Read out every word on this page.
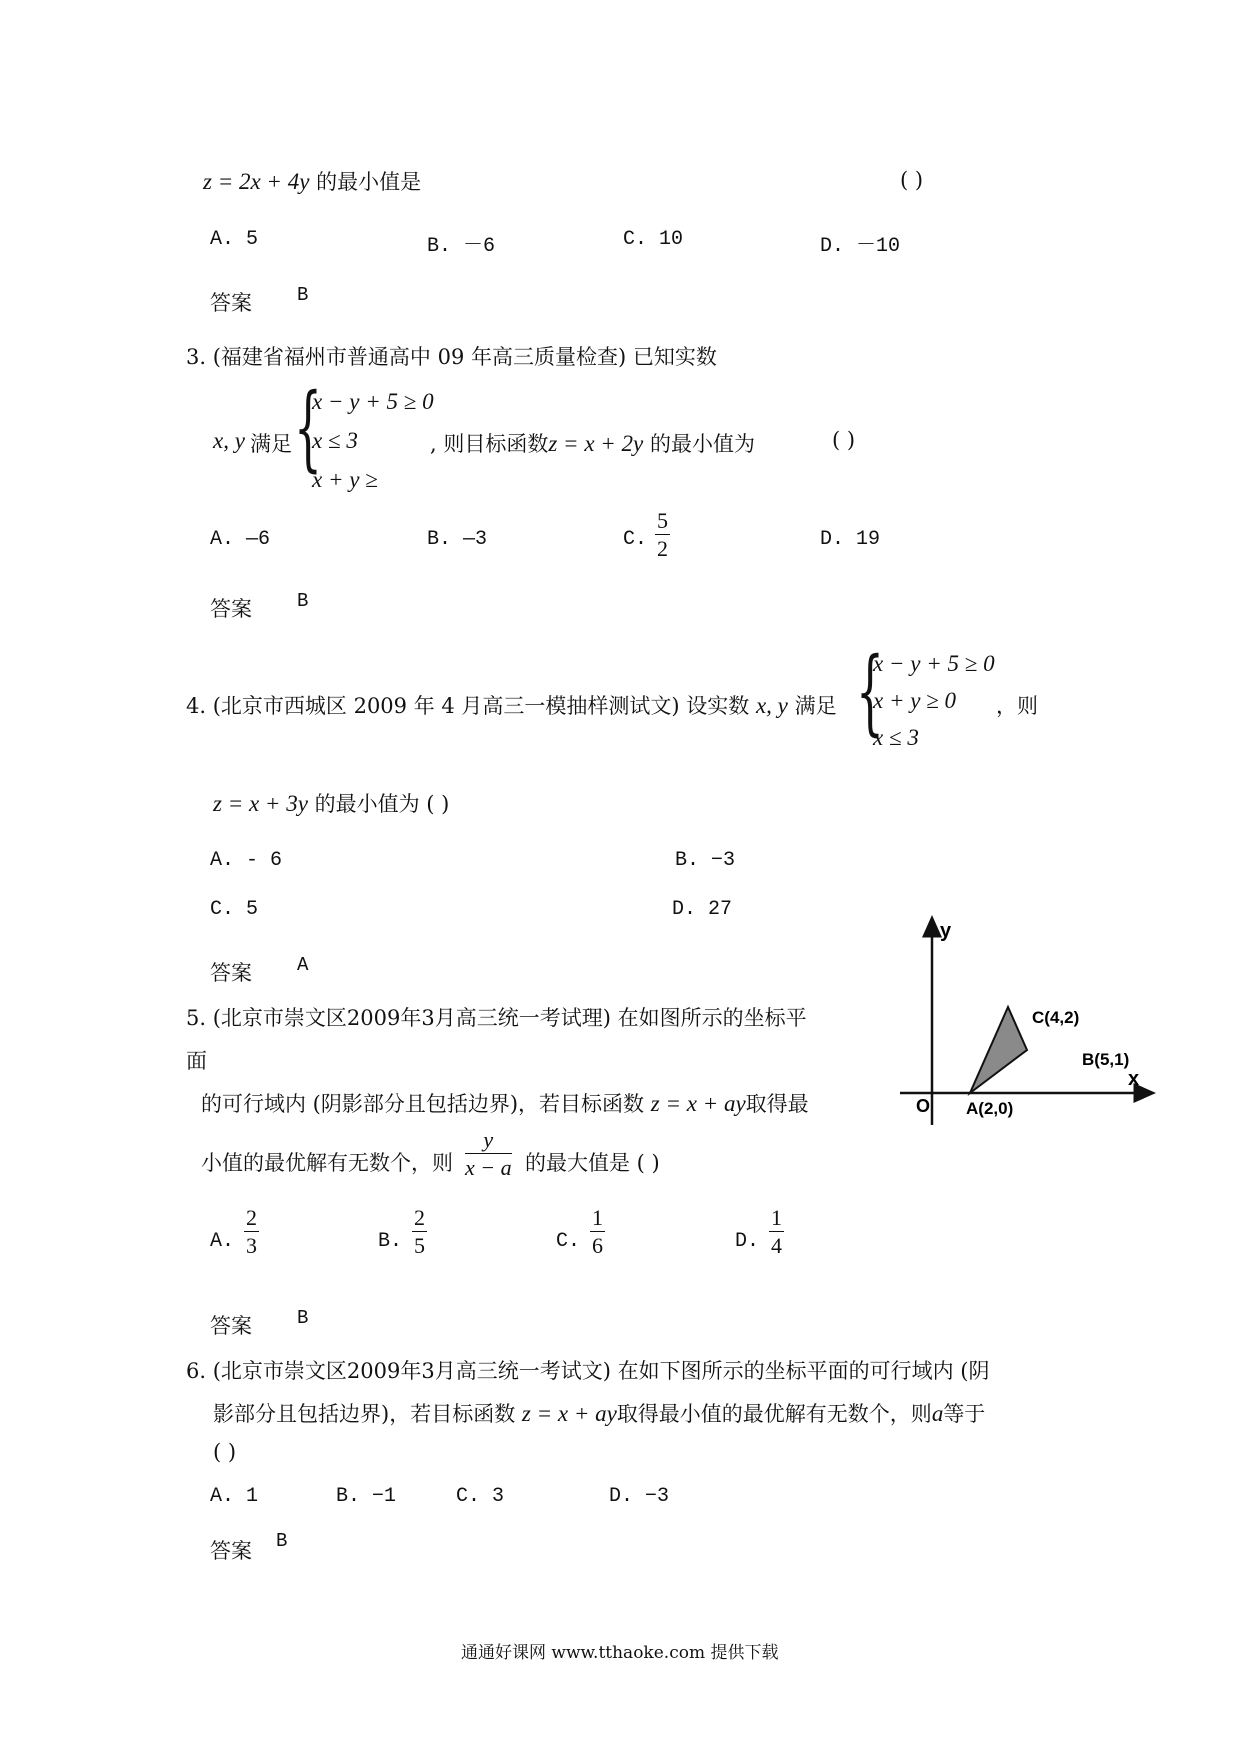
z = 2x + 4y 的最小值是	( )
A. 5	B. －6	C. 10	D. －10
答案 B
3. (福建省福州市普通高中 09 年高三质量检查) 已知实数
x, y 满足 {
x − y + 5 ≥ 0
x ≤ 3
x + y ≥
, 则目标函数z = x + 2y 的最小值为	( )
A. —6	B. —3	C. $\frac{5}{2}$	D. 19
答案 B
{
x − y + 5 ≥ 0
x + y ≥ 0
x ≤ 3
4. (北京市西城区 2009 年 4 月高三一模抽样测试文) 设实数 x, y 满足	，则
z = x + 3y 的最小值为 ( )
A. - 6	B. −3
C. 5	D. 27
答案 A
5. (北京市崇文区2009年3月高三统一考试理) 在如图所示的坐标平
面
的可行域内 (阴影部分且包括边界)，若目标函数 z = x + ay取得最
小值的最优解有无数个，则 $\frac{y}{x - a}$ 的最大值是 ( )
A. $\frac{2}{3}$	B. $\frac{2}{5}$	C. $\frac{1}{6}$	D. $\frac{1}{4}$
答案 B
y
x
O A(2,0)
B(5,1)
C(4,2)
6. (北京市崇文区2009年3月高三统一考试文) 在如下图所示的坐标平面的可行域内 (阴
影部分且包括边界)，若目标函数 z = x + ay取得最小值的最优解有无数个，则a等于
( )
A. 1	B. −1	C. 3	D. −3
答案 B
通通好课网 www.tthaoke.com 提供下载
